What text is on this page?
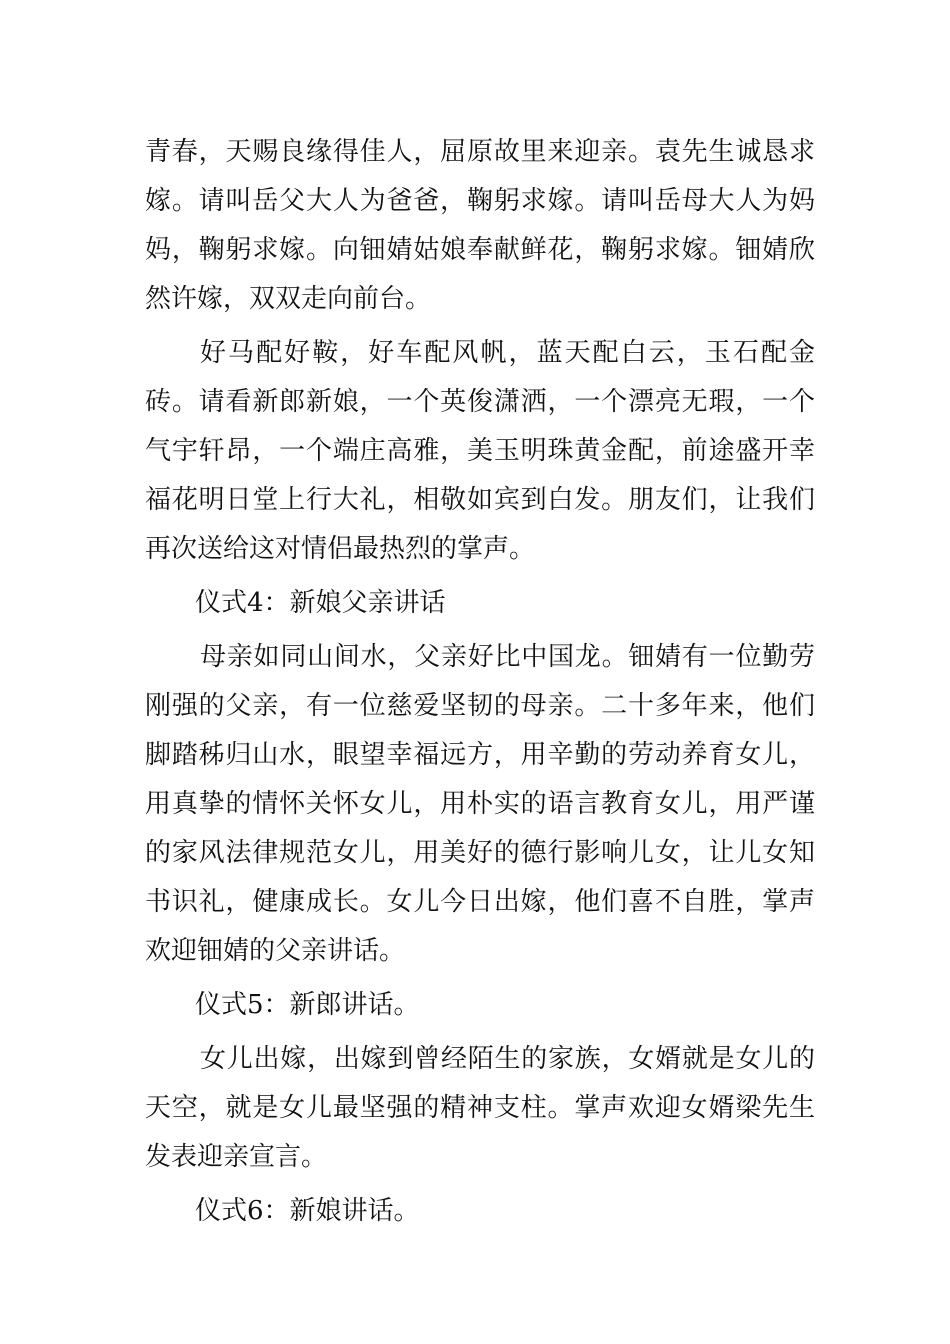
青春，天赐良缘得佳人，屈原故里来迎亲。袁先生诚恳求嫁。请叫岳父大人为爸爸，鞠躬求嫁。请叫岳母大人为妈妈，鞠躬求嫁。向钿婧姑娘奉献鲜花，鞠躬求嫁。钿婧欣然许嫁，双双走向前台。

好马配好鞍，好车配风帆，蓝天配白云，玉石配金砖。请看新郎新娘，一个英俊潇洒，一个漂亮无瑕，一个气宇轩昂，一个端庄高雅，美玉明珠黄金配，前途盛开幸福花明日堂上行大礼，相敬如宾到白发。朋友们，让我们再次送给这对情侣最热烈的掌声。

仪式4：新娘父亲讲话

母亲如同山间水，父亲好比中国龙。钿婧有一位勤劳刚强的父亲，有一位慈爱坚韧的母亲。二十多年来，他们脚踏秭归山水，眼望幸福远方，用辛勤的劳动养育女儿，用真挚的情怀关怀女儿，用朴实的语言教育女儿，用严谨的家风法律规范女儿，用美好的德行影响儿女，让儿女知书识礼，健康成长。女儿今日出嫁，他们喜不自胜，掌声欢迎钿婧的父亲讲话。

仪式5：新郎讲话。

女儿出嫁，出嫁到曾经陌生的家族，女婿就是女儿的天空，就是女儿最坚强的精神支柱。掌声欢迎女婿梁先生发表迎亲宣言。

仪式6：新娘讲话。
